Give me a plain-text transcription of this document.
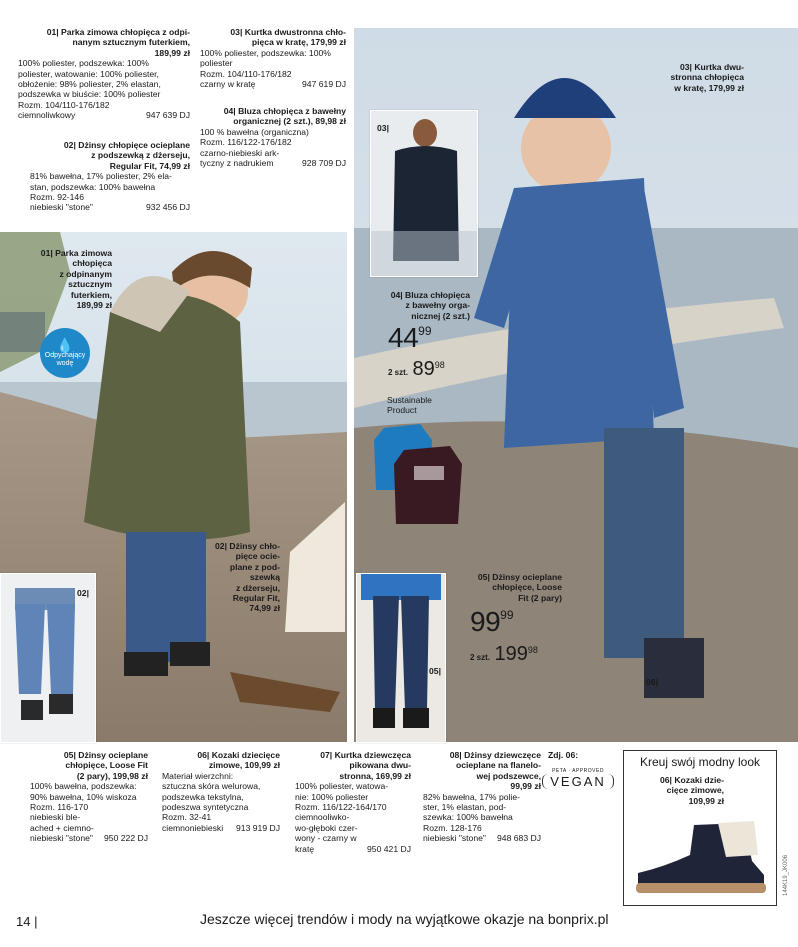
01| Parka zimowa chłopięca z odpi-
nanym sztucznym futerkiem,
189,99 zł
100% poliester, podszewka: 100%
poliester, watowanie: 100% poliester,
obłożenie: 98% poliester, 2% elastan,
podszewka w biuście: 100% poliester
Rozm. 104/110-176/182
ciemnoliwkowy	947 639 DJ
02| Dżinsy chłopięce ocieplane
z podszewką z dżerseju,
Regular Fit, 74,99 zł
81% bawełna, 17% poliester, 2% ela-
stan, podszewka: 100% bawełna
Rozm. 92-146
niebieski "stone"	932 456 DJ
03| Kurtka dwustronna chło-
pięca w kratę, 179,99 zł
100% poliester, podszewka: 100%
poliester
Rozm. 104/110-176/182
czarny w kratę	947 619 DJ
04| Bluza chłopięca z bawełny
organicznej (2 szt.), 89,98 zł
100 % bawełna (organiczna)
Rozm. 116/122-176/182
czarno-niebieski ark-
tyczny z nadrukiem	928 709 DJ
01| Parka zimowa
chłopięca
z odpinanym
sztucznym
futerkiem,
189,99 zł
💧
Odpychający
wodę
02| Dżinsy chło-
pięce ocie-
plane z pod-
szewką
z dżerseju,
Regular Fit,
74,99 zł
02|
03| Kurtka dwu-
stronna chłopięca
w kratę, 179,99 zł
03|
04| Bluza chłopięca
z bawełny orga-
nicznej (2 szt.)
$44^{99}$
2 szt. $89^{98}$
Sustainable
Product
05| Dżinsy ocieplane
chłopięce, Loose
Fit (2 pary)
$99^{99}$
2 szt. $199^{98}$
05|
06|
05| Dżinsy ocieplane
chłopięce, Loose Fit
(2 pary), 199,98 zł
100% bawełna, podszewka:
90% bawełna, 10% wiskoza
Rozm. 116-170
niebieski ble-
ached + ciemno-
niebieski "stone" 950 222 DJ
06| Kozaki dziecięce
zimowe, 109,99 zł
Materiał wierzchni:
sztuczna skóra welurowa,
podszewka tekstylna,
podeszwa syntetyczna
Rozm. 32-41
ciemnoniebieski 913 919 DJ
07| Kurtka dziewczęca
pikowana dwu-
stronna, 169,99 zł
100% poliester, watowa-
nie: 100% poliester
Rozm. 116/122-164/170
ciemnooliwko-
wo-głęboki czer-
wony - czarny w
kratę	950 421 DJ
08| Dżinsy dziewczęce
ocieplane na flanelo-
wej podszewce,
99,99 zł
82% bawełna, 17% polie-
ster, 1% elastan, pod-
szewka: 100% bawełna
Rozm. 128-176
niebieski "stone" 948 683 DJ
Zdj. 06:
PETA · APPROVED
VEGAN
Kreuj swój modny look
06| Kozaki dzie-
cięce zimowe,
109,99 zł
144K19_JK006
14 |	Jeszcze więcej trendów i mody na wyjątkowe okazje na bonprix.pl
